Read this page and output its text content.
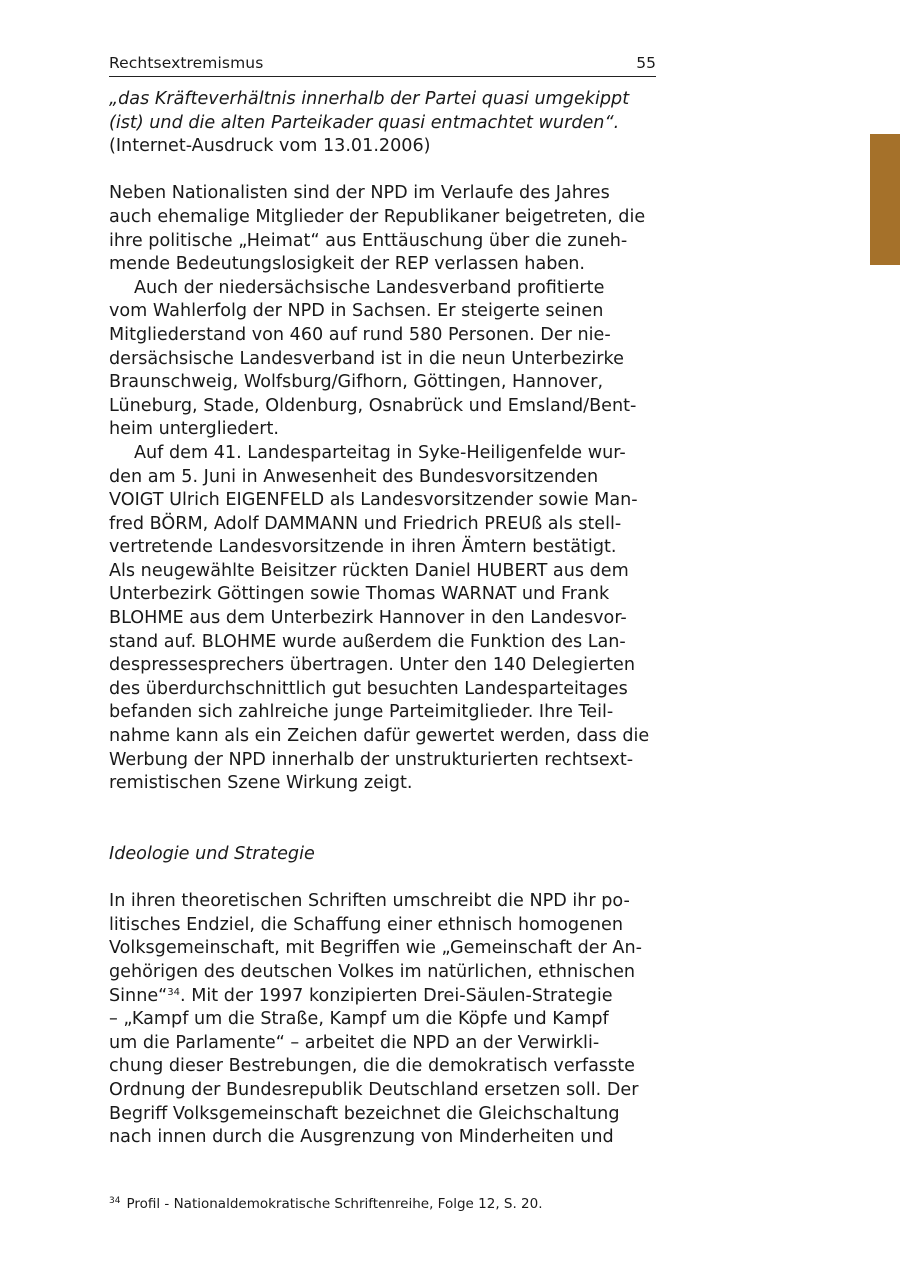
Rechtsextremismus	55
„das Kräfteverhältnis innerhalb der Partei quasi umgekippt
(ist) und die alten Parteikader quasi entmachtet wurden“.
(Internet-Ausdruck vom 13.01.2006)
Neben Nationalisten sind der NPD im Verlaufe des Jahres
auch ehemalige Mitglieder der Republikaner beigetreten, die
ihre politische „Heimat“ aus Enttäuschung über die zuneh-
mende Bedeutungslosigkeit der REP verlassen haben.
Auch der niedersächsische Landesverband profitierte
vom Wahlerfolg der NPD in Sachsen. Er steigerte seinen
Mitgliederstand von 460 auf rund 580 Personen. Der nie-
dersächsische Landesverband ist in die neun Unterbezirke
Braunschweig, Wolfsburg/Gifhorn, Göttingen, Hannover,
Lüneburg, Stade, Oldenburg, Osnabrück und Emsland/Bent-
heim untergliedert.
Auf dem 41. Landesparteitag in Syke-Heiligenfelde wur-
den am 5. Juni in Anwesenheit des Bundesvorsitzenden
VOIGT Ulrich EIGENFELD als Landesvorsitzender sowie Man-
fred BÖRM, Adolf DAMMANN und Friedrich PREUß als stell-
vertretende Landesvorsitzende in ihren Ämtern bestätigt.
Als neugewählte Beisitzer rückten Daniel HUBERT aus dem
Unterbezirk Göttingen sowie Thomas WARNAT und Frank
BLOHME aus dem Unterbezirk Hannover in den Landesvor-
stand auf. BLOHME wurde außerdem die Funktion des Lan-
despressesprechers übertragen. Unter den 140 Delegierten
des überdurchschnittlich gut besuchten Landesparteitages
befanden sich zahlreiche junge Parteimitglieder. Ihre Teil-
nahme kann als ein Zeichen dafür gewertet werden, dass die
Werbung der NPD innerhalb der unstrukturierten rechtsext-
remistischen Szene Wirkung zeigt.
Ideologie und Strategie
In ihren theoretischen Schriften umschreibt die NPD ihr po-
litisches Endziel, die Schaffung einer ethnisch homogenen
Volksgemeinschaft, mit Begriffen wie „Gemeinschaft der An-
gehörigen des deutschen Volkes im natürlichen, ethnischen
Sinne“$^{34}$. Mit der 1997 konzipierten Drei-Säulen-Strategie
– „Kampf um die Straße, Kampf um die Köpfe und Kampf
um die Parlamente“ – arbeitet die NPD an der Verwirkli-
chung dieser Bestrebungen, die die demokratisch verfasste
Ordnung der Bundesrepublik Deutschland ersetzen soll. Der
Begriff Volksgemeinschaft bezeichnet die Gleichschaltung
nach innen durch die Ausgrenzung von Minderheiten und
$^{34}$ Profil - Nationaldemokratische Schriftenreihe, Folge 12, S. 20.
